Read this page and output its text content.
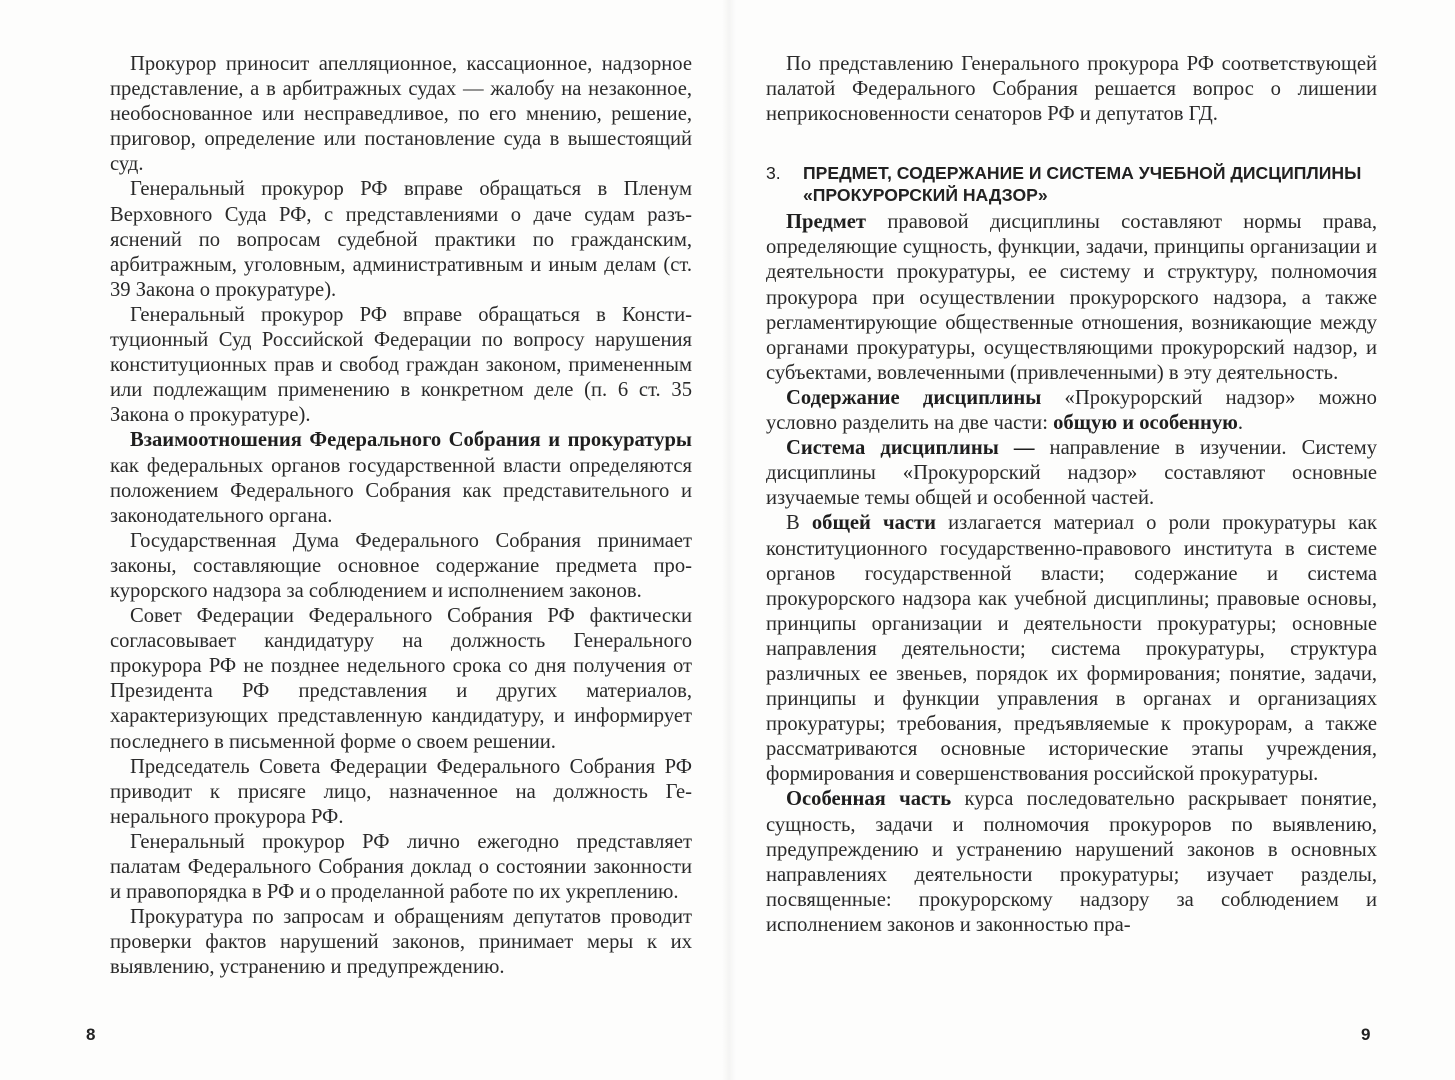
Прокурор приносит апелляционное, кассационное, надзорное представление, а в арбитражных судах — жалобу на незаконное, необоснованное или несправедливое, по его мнению, решение, приговор, определение или постановление суда в вышестоящий суд.

Генеральный прокурор РФ вправе обращаться в Пленум Верховного Суда РФ, с представлениями о даче судам разъяснений по вопросам судебной практики по гражданским, арбитражным, уголовным, административным и иным делам (ст. 39 Закона о прокуратуре).

Генеральный прокурор РФ вправе обращаться в Конституционный Суд Российской Федерации по вопросу нарушения конституционных прав и свобод граждан законом, примененным или подлежащим применению в конкретном деле (п. 6 ст. 35 Закона о прокуратуре).

Взаимоотношения Федерального Собрания и прокуратуры как федеральных органов государственной власти определяются положением Федерального Собрания как представительного и законодательного органа.

Государственная Дума Федерального Собрания принимает законы, составляющие основное содержание предмета прокурорского надзора за соблюдением и исполнением законов.

Совет Федерации Федерального Собрания РФ фактически согласовывает кандидатуру на должность Генерального прокурора РФ не позднее недельного срока со дня получения от Президента РФ представления и других материалов, характеризующих представленную кандидатуру, и информирует последнего в письменной форме о своем решении.

Председатель Совета Федерации Федерального Собрания РФ приводит к присяге лицо, назначенное на должность Генерального прокурора РФ.

Генеральный прокурор РФ лично ежегодно представляет палатам Федерального Собрания доклад о состоянии законности и правопорядка в РФ и о проделанной работе по их укреплению.

Прокуратура по запросам и обращениям депутатов проводит проверки фактов нарушений законов, принимает меры к их выявлению, устранению и предупреждению.

8

По представлению Генерального прокурора РФ соответствующей палатой Федерального Собрания решается вопрос о лишении неприкосновенности сенаторов РФ и депутатов ГД.

3. ПРЕДМЕТ, СОДЕРЖАНИЕ И СИСТЕМА УЧЕБНОЙ ДИСЦИПЛИНЫ «ПРОКУРОРСКИЙ НАДЗОР»

Предмет правовой дисциплины составляют нормы права, определяющие сущность, функции, задачи, принципы организации и деятельности прокуратуры, ее систему и структуру, полномочия прокурора при осуществлении прокурорского надзора, а также регламентирующие общественные отношения, возникающие между органами прокуратуры, осуществляющими прокурорский надзор, и субъектами, вовлеченными (привлеченными) в эту деятельность.

Содержание дисциплины «Прокурорский надзор» можно условно разделить на две части: общую и особенную.

Система дисциплины — направление в изучении. Систему дисциплины «Прокурорский надзор» составляют основные изучаемые темы общей и особенной частей.

В общей части излагается материал о роли прокуратуры как конституционного государственно-правового института в системе органов государственной власти; содержание и система прокурорского надзора как учебной дисциплины; правовые основы, принципы организации и деятельности прокуратуры; основные направления деятельности; система прокуратуры, структура различных ее звеньев, порядок их формирования; понятие, задачи, принципы и функции управления в органах и организациях прокуратуры; требования, предъявляемые к прокурорам, а также рассматриваются основные исторические этапы учреждения, формирования и совершенствования российской прокуратуры.

Особенная часть курса последовательно раскрывает понятие, сущность, задачи и полномочия прокуроров по выявлению, предупреждению и устранению нарушений законов в основных направлениях деятельности прокуратуры; изучает разделы, посвященные: прокурорскому надзору за соблюдением и исполнением законов и законностью пра-

9
